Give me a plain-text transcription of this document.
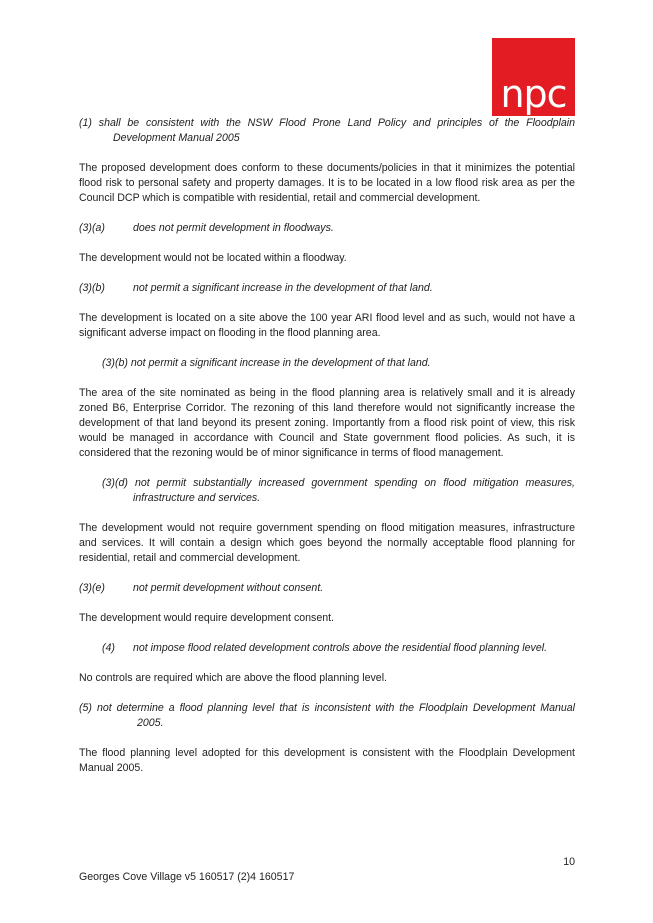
npc
(1) shall be consistent with the NSW Flood Prone Land Policy and principles of the Floodplain Development Manual 2005

The proposed development does conform to these documents/policies in that it minimizes the potential flood risk to personal safety and property damages. It is to be located in a low flood risk area as per the Council DCP which is compatible with residential, retail and commercial development.

(3)(a)	does not permit development in floodways.

The development would not be located within a floodway.

(3)(b)	not permit a significant increase in the development of that land.

The development is located on a site above the 100 year ARI flood level and as such, would not have a significant adverse impact on flooding in the flood planning area.

(3)(b) not permit a significant increase in the development of that land.

The area of the site nominated as being in the flood planning area is relatively small and it is already zoned B6, Enterprise Corridor. The rezoning of this land therefore would not significantly increase the development of that land beyond its present zoning. Importantly from a flood risk point of view, this risk would be managed in accordance with Council and State government flood policies. As such, it is considered that the rezoning would be of minor significance in terms of flood management.

(3)(d) not permit substantially increased government spending on flood mitigation measures, infrastructure and services.

The development would not require government spending on flood mitigation measures, infrastructure and services. It will contain a design which goes beyond the normally acceptable flood planning for residential, retail and commercial development.

(3)(e)	not permit development without consent.

The development would require development consent.

(4) not impose flood related development controls above the residential flood planning level.

No controls are required which are above the flood planning level.

(5) not determine a flood planning level that is inconsistent with the Floodplain Development Manual 2005.

The flood planning level adopted for this development is consistent with the Floodplain Development Manual 2005.

10
Georges Cove Village v5 160517 (2)4 160517
